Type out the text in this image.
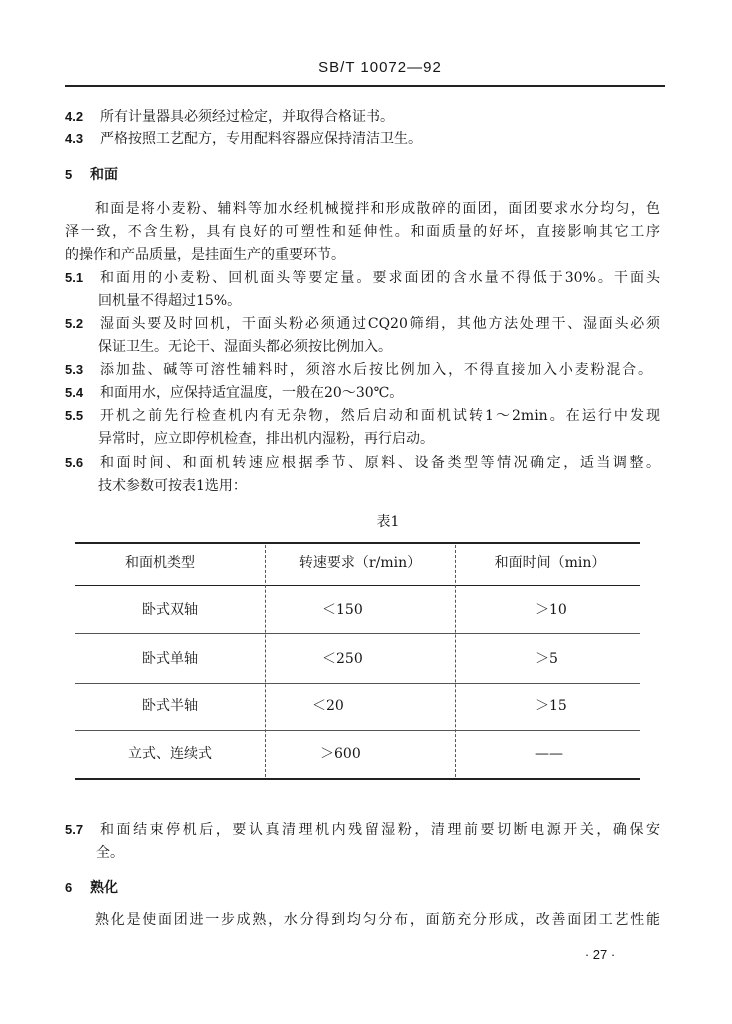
SB/T 10072—92
4.2 所有计量器具必须经过检定，并取得合格证书。
4.3 严格按照工艺配方，专用配料容器应保持清洁卫生。
5 和面
和面是将小麦粉、辅料等加水经机械搅拌和形成散碎的面团，面团要求水分均匀，色
泽一致，不含生粉，具有良好的可塑性和延伸性。和面质量的好坏，直接影响其它工序
的操作和产品质量，是挂面生产的重要环节。
5.1 和面用的小麦粉、回机面头等要定量。要求面团的含水量不得低于30%。干面头
回机量不得超过15%。
5.2 湿面头要及时回机，干面头粉必须通过CQ20筛绢，其他方法处理干、湿面头必须
保证卫生。无论干、湿面头都必须按比例加入。
5.3 添加盐、碱等可溶性辅料时，须溶水后按比例加入，不得直接加入小麦粉混合。
5.4 和面用水，应保持适宜温度，一般在20～30℃。
5.5 开机之前先行检查机内有无杂物，然后启动和面机试转1～2min。在运行中发现
异常时，应立即停机检查，排出机内湿粉，再行启动。
5.6 和面时间、和面机转速应根据季节、原料、设备类型等情况确定，适当调整。
技术参数可按表1选用：
表1
和面机类型	转速要求（r/min）	和面时间（min）
卧式双轴	＜150	＞10
卧式单轴	＜250	＞5
卧式半轴	＜20	＞15
立式、连续式	＞600	——
5.7 和面结束停机后，要认真清理机内残留湿粉，清理前要切断电源开关，确保安
全。
6 熟化
熟化是使面团进一步成熟，水分得到均匀分布，面筋充分形成，改善面团工艺性能
· 27 ·
